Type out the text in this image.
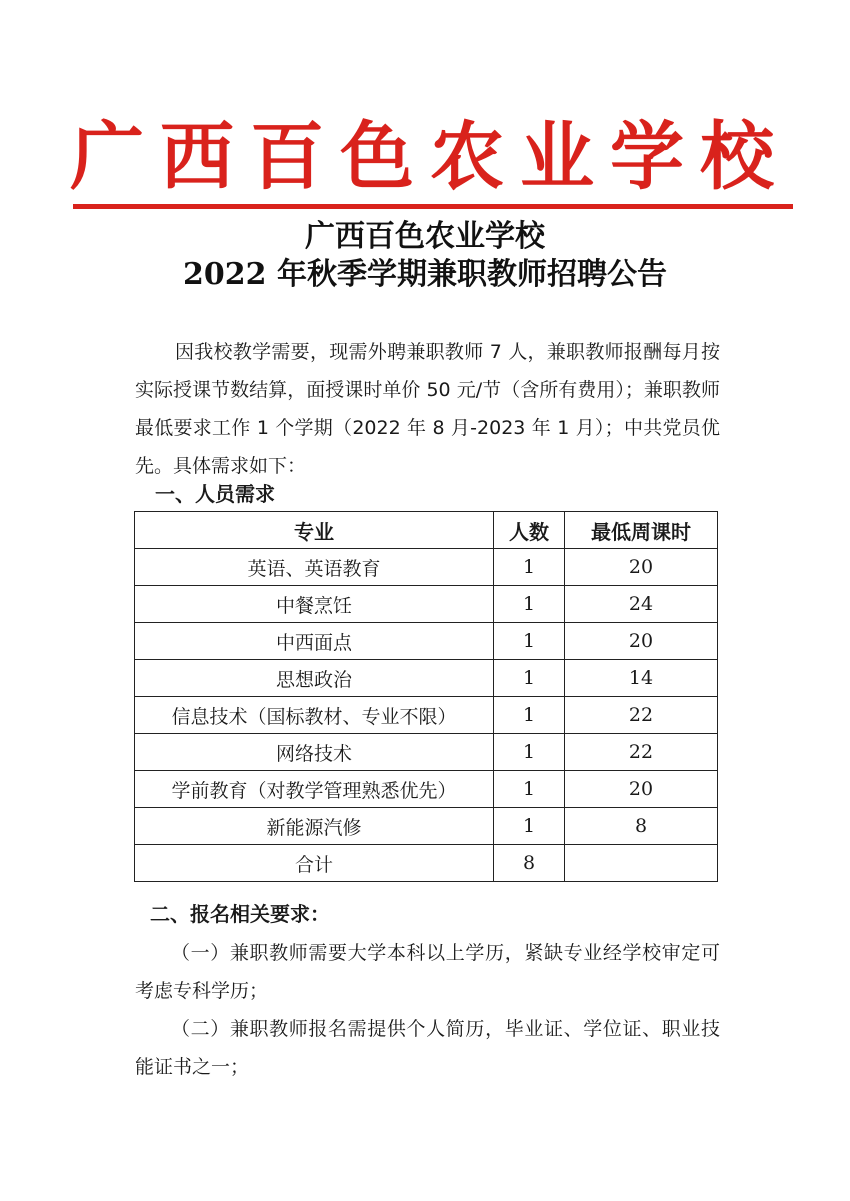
广西百色农业学校
广西百色农业学校
2022 年秋季学期兼职教师招聘公告

因我校教学需要，现需外聘兼职教师 7 人，兼职教师报酬每月按实际授课节数结算，面授课时单价 50 元/节（含所有费用）；兼职教师最低要求工作 1 个学期（2022 年 8 月-2023 年 1 月）；中共党员优先。具体需求如下：

一、人员需求
专业	人数	最低周课时
英语、英语教育	1	20
中餐烹饪	1	24
中西面点	1	20
思想政治	1	14
信息技术（国标教材、专业不限）	1	22
网络技术	1	22
学前教育（对教学管理熟悉优先）	1	20
新能源汽修	1	8
合计	8	
二、报名相关要求：

（一）兼职教师需要大学本科以上学历，紧缺专业经学校审定可考虑专科学历；

（二）兼职教师报名需提供个人简历，毕业证、学位证、职业技能证书之一；
